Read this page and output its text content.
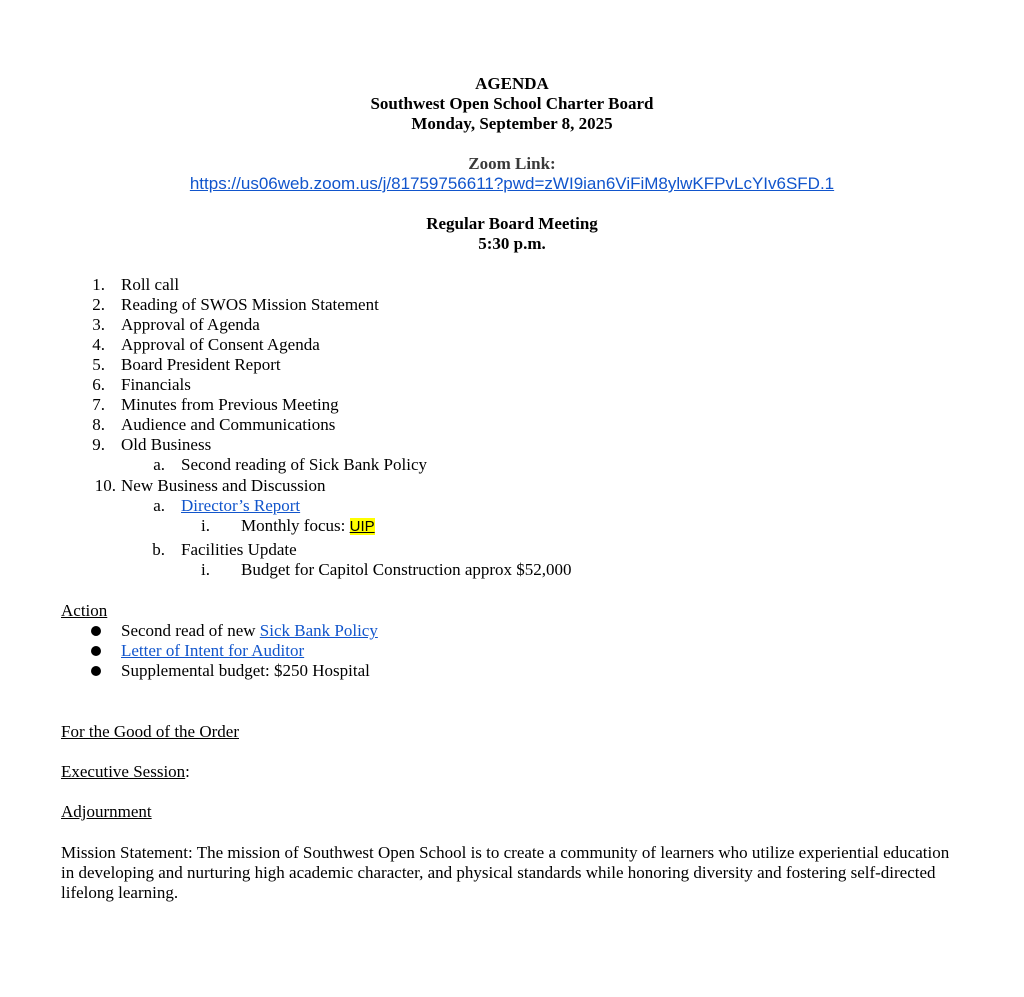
AGENDA
Southwest Open School Charter Board
Monday, September 8, 2025
Zoom Link:
https://us06web.zoom.us/j/81759756611?pwd=zWI9ian6ViFiM8ylwKFPvLcYIv6SFD.1
Regular Board Meeting
5:30 p.m.
1. Roll call
2. Reading of SWOS Mission Statement
3. Approval of Agenda
4. Approval of Consent Agenda
5. Board President Report
6. Financials
7. Minutes from Previous Meeting
8. Audience and Communications
9. Old Business
a. Second reading of Sick Bank Policy
10. New Business and Discussion
a. Director’s Report
i. Monthly focus: UIP
b. Facilities Update
i. Budget for Capitol Construction approx $52,000
Action
Second read of new Sick Bank Policy
Letter of Intent for Auditor
Supplemental budget: $250 Hospital
For the Good of the Order
Executive Session:
Adjournment
Mission Statement: The mission of Southwest Open School is to create a community of learners who utilize experiential education in developing and nurturing high academic character, and physical standards while honoring diversity and fostering self-directed lifelong learning.
